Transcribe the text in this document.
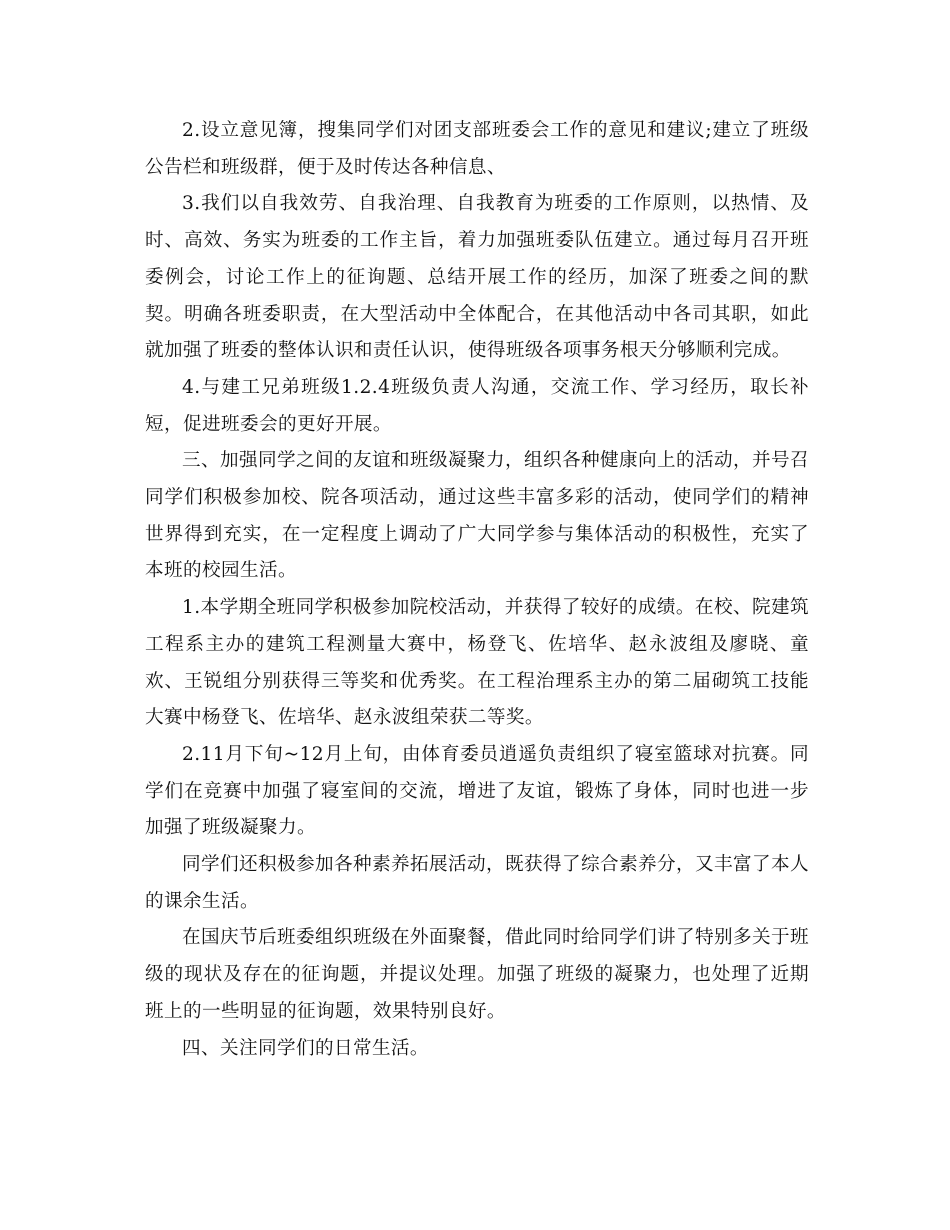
2.设立意见簿，搜集同学们对团支部班委会工作的意见和建议;建立了班级公告栏和班级群，便于及时传达各种信息、

3.我们以自我效劳、自我治理、自我教育为班委的工作原则，以热情、及时、高效、务实为班委的工作主旨，着力加强班委队伍建立。通过每月召开班委例会，讨论工作上的征询题、总结开展工作的经历，加深了班委之间的默契。明确各班委职责，在大型活动中全体配合，在其他活动中各司其职，如此就加强了班委的整体认识和责任认识，使得班级各项事务根天分够顺利完成。

4.与建工兄弟班级1.2.4班级负责人沟通，交流工作、学习经历，取长补短，促进班委会的更好开展。

三、加强同学之间的友谊和班级凝聚力，组织各种健康向上的活动，并号召同学们积极参加校、院各项活动，通过这些丰富多彩的活动，使同学们的精神世界得到充实，在一定程度上调动了广大同学参与集体活动的积极性，充实了本班的校园生活。

1.本学期全班同学积极参加院校活动，并获得了较好的成绩。在校、院建筑工程系主办的建筑工程测量大赛中，杨登飞、佐培华、赵永波组及廖晓、童欢、王锐组分别获得三等奖和优秀奖。在工程治理系主办的第二届砌筑工技能大赛中杨登飞、佐培华、赵永波组荣获二等奖。

2.11月下旬~12月上旬，由体育委员逍遥负责组织了寝室篮球对抗赛。同学们在竞赛中加强了寝室间的交流，增进了友谊，锻炼了身体，同时也进一步加强了班级凝聚力。

同学们还积极参加各种素养拓展活动，既获得了综合素养分，又丰富了本人的课余生活。

在国庆节后班委组织班级在外面聚餐，借此同时给同学们讲了特别多关于班级的现状及存在的征询题，并提议处理。加强了班级的凝聚力，也处理了近期班上的一些明显的征询题，效果特别良好。

四、关注同学们的日常生活。
